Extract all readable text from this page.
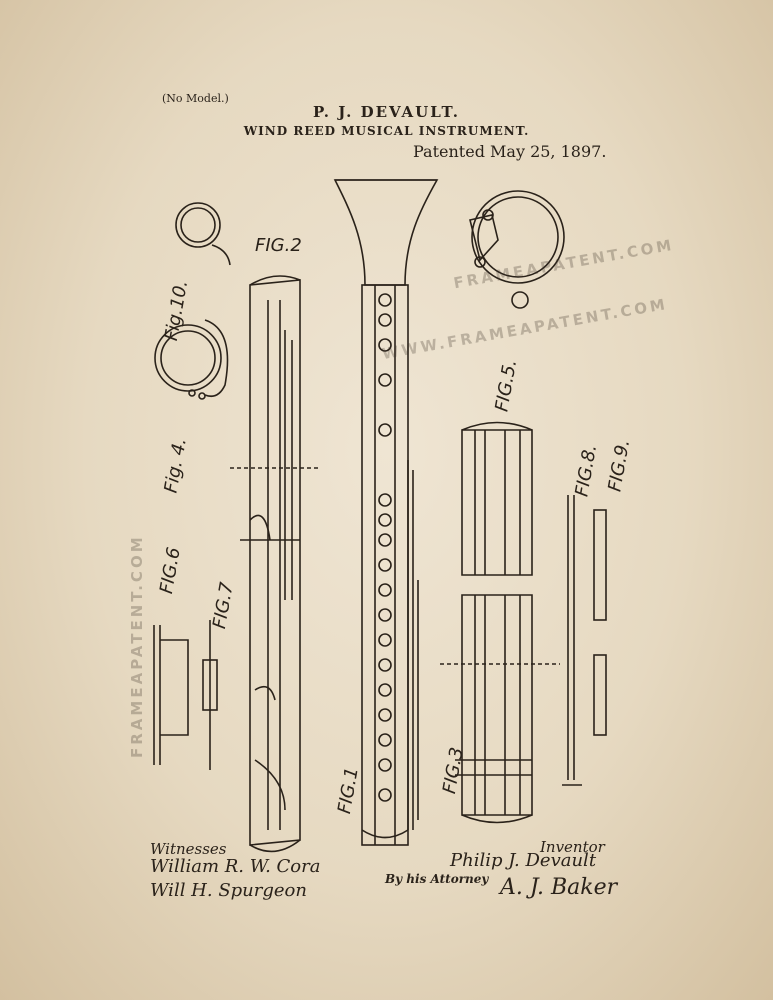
(No Model.)
P. J. DEVAULT.
WIND REED MUSICAL INSTRUMENT.
Patented May 25, 1897.
FIG.1
FIG.2
FIG.3
Fig. 4.
FIG.5.
FIG.6
FIG.7
FIG.8. FIG.9.
Fig.10.
FRAMEAPATENT.COM
WWW.FRAMEAPATENT.COM
FRAMEAPATENT.COM
Witnesses
William R. W. Cora
Will H. Spurgeon
Inventor
Philip J. Devault
By his Attorney A. J. Baker
